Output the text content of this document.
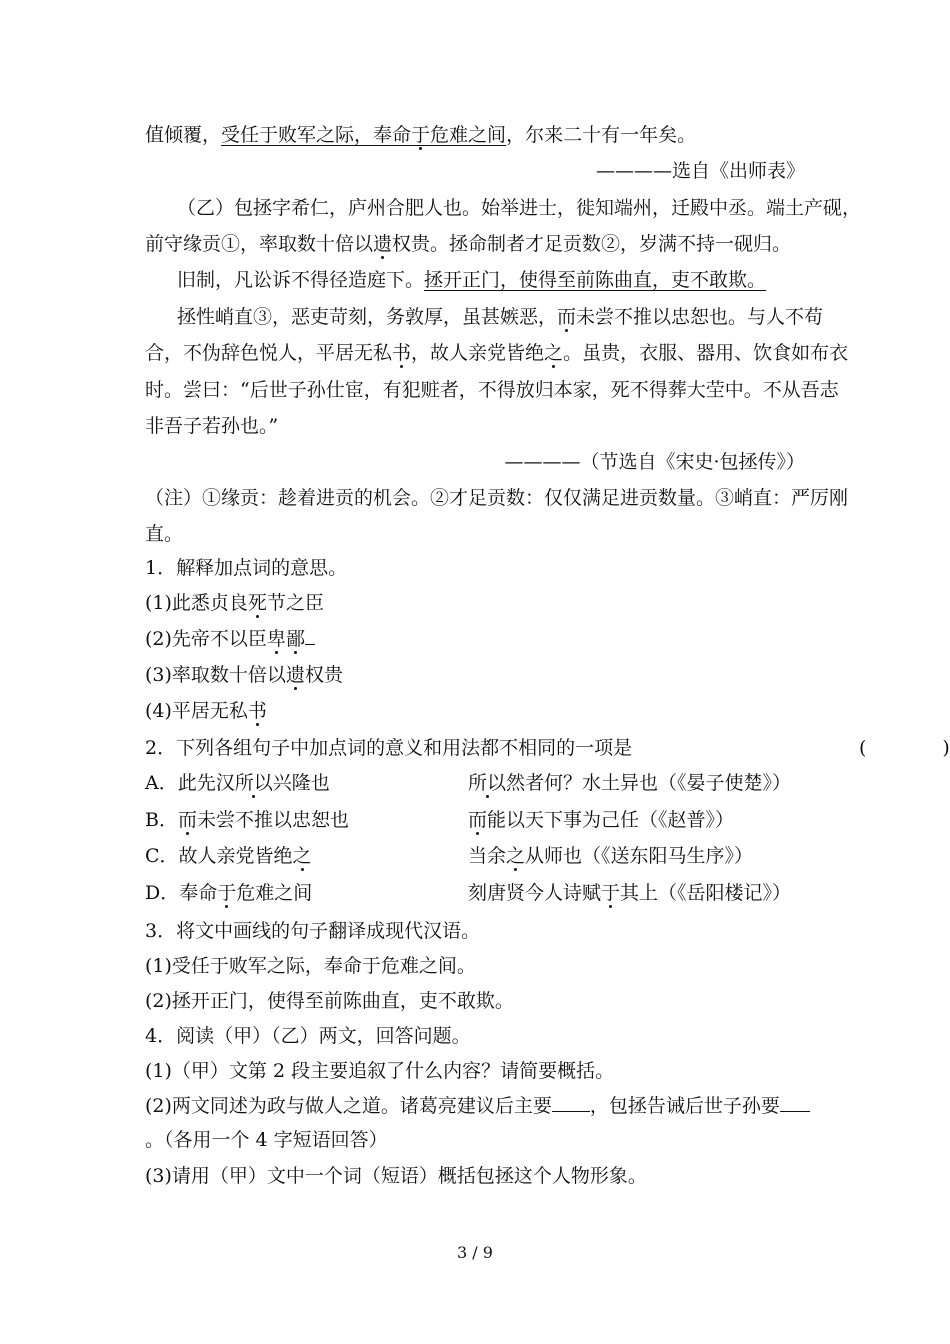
值倾覆，受任于败军之际，奉命于危难之间，尔来二十有一年矣。
————选自《出师表》
（乙）包拯字希仁，庐州合肥人也。始举进士，徙知端州，迁殿中丞。端土产砚，
前守缘贡①，率取数十倍以遗权贵。拯命制者才足贡数②，岁满不持一砚归。
旧制，凡讼诉不得径造庭下。拯开正门，使得至前陈曲直，吏不敢欺。
拯性峭直③，恶吏苛刻，务敦厚，虽甚嫉恶，而未尝不推以忠恕也。与人不苟
合，不伪辞色悦人，平居无私书，故人亲党皆绝之。虽贵，衣服、器用、饮食如布衣
时。尝曰：“后世子孙仕宦，有犯赃者，不得放归本家，死不得葬大茔中。不从吾志
非吾子若孙也。”
————（节选自《宋史·包拯传》）
（注）①缘贡：趁着进贡的机会。②才足贡数：仅仅满足进贡数量。③峭直：严厉刚
直。
1．解释加点词的意思。
(1)此悉贞良死节之臣
(2)先帝不以臣卑鄙
(3)率取数十倍以遗权贵
(4)平居无私书
2．下列各组句子中加点词的意义和用法都不相同的一项是	(　　　　)
A．此先汉所以兴隆也	所以然者何？水土异也（《晏子使楚》）
B．而未尝不推以忠恕也	而能以天下事为己任（《赵普》）
C．故人亲党皆绝之	当余之从师也（《送东阳马生序》）
D．奉命于危难之间	刻唐贤今人诗赋于其上（《岳阳楼记》）
3．将文中画线的句子翻译成现代汉语。
(1)受任于败军之际，奉命于危难之间。
(2)拯开正门，使得至前陈曲直，吏不敢欺。
4．阅读（甲）（乙）两文，回答问题。
(1)（甲）文第 2 段主要追叙了什么内容？请简要概括。
(2)两文同述为政与做人之道。诸葛亮建议后主要 ，包拯告诫后世子孙要
。（各用一个 4 字短语回答）
(3)请用（甲）文中一个词（短语）概括包拯这个人物形象。
3 / 9
